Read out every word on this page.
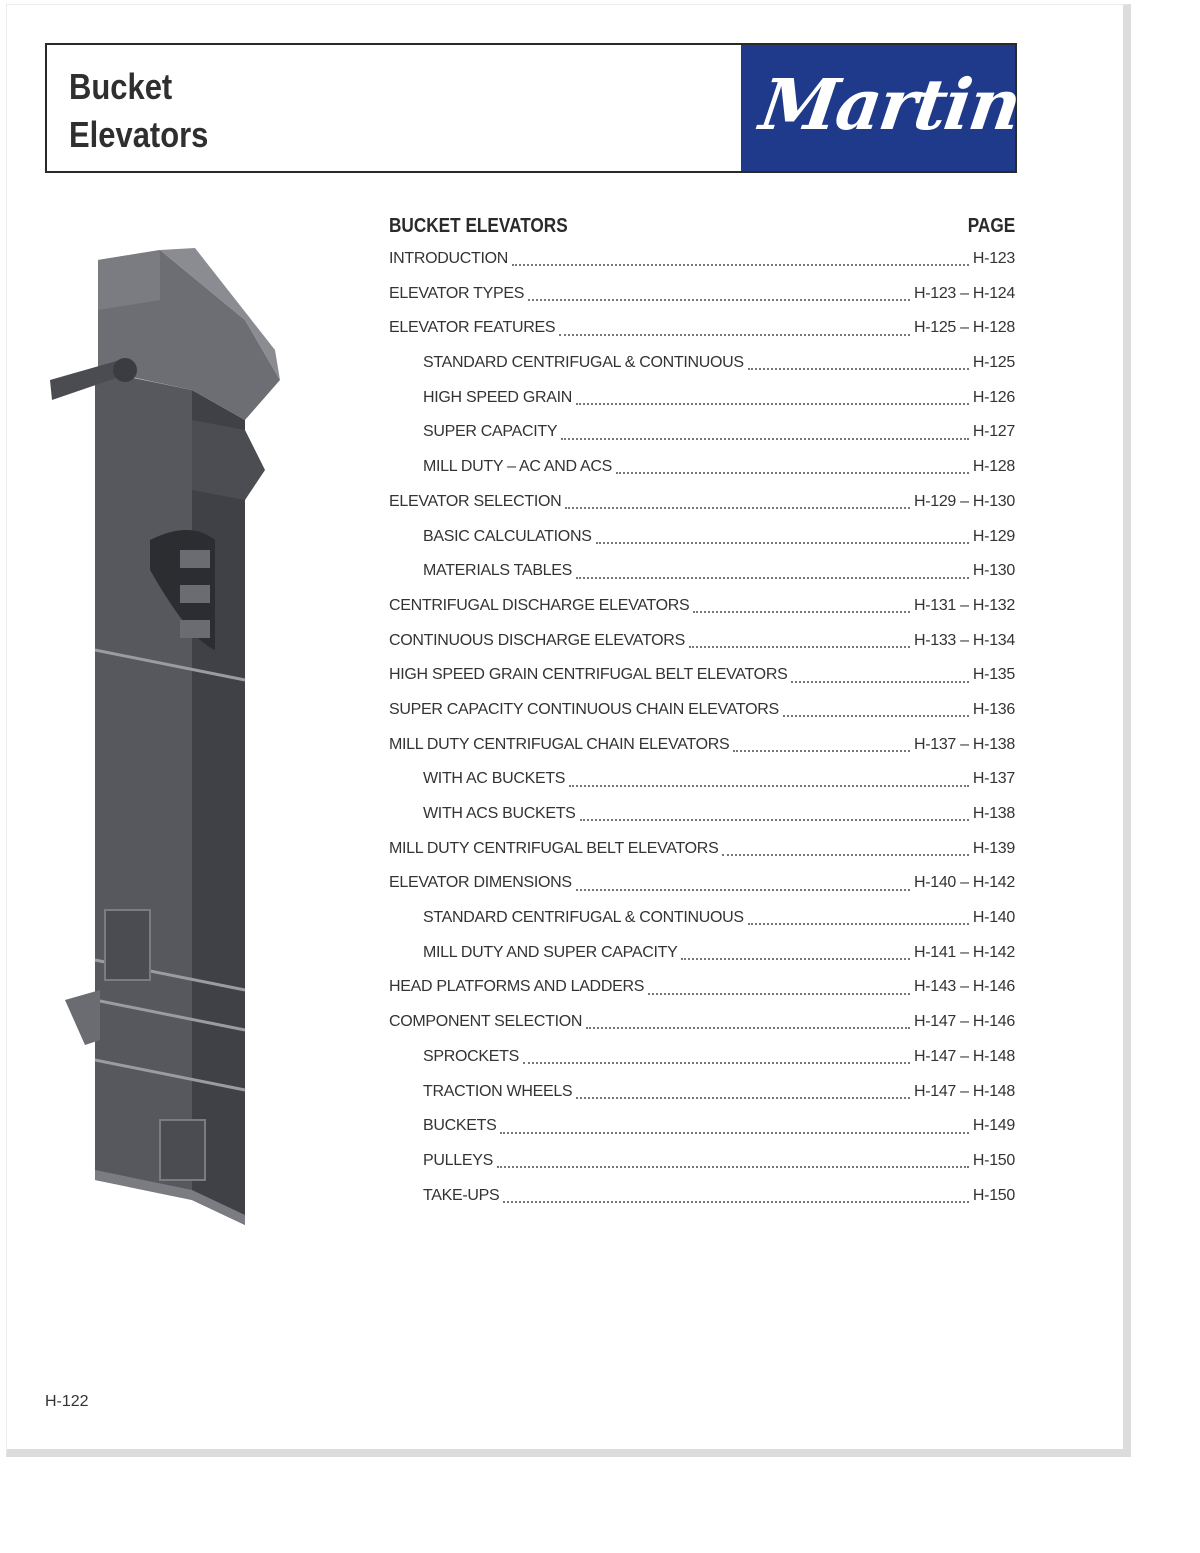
Bucket
Elevators	Martin
BUCKET ELEVATORS	PAGE
INTRODUCTION	H-123
ELEVATOR TYPES	H-123 – H-124
ELEVATOR FEATURES	H-125 – H-128
STANDARD CENTRIFUGAL & CONTINUOUS	H-125
HIGH SPEED GRAIN	H-126
SUPER CAPACITY	H-127
MILL DUTY – AC AND ACS	H-128
ELEVATOR SELECTION	H-129 – H-130
BASIC CALCULATIONS	H-129
MATERIALS TABLES	H-130
CENTRIFUGAL DISCHARGE ELEVATORS	H-131 – H-132
CONTINUOUS DISCHARGE ELEVATORS	H-133 – H-134
HIGH SPEED GRAIN CENTRIFUGAL BELT ELEVATORS	H-135
SUPER CAPACITY CONTINUOUS CHAIN ELEVATORS	H-136
MILL DUTY CENTRIFUGAL CHAIN ELEVATORS	H-137 – H-138
WITH AC BUCKETS	H-137
WITH ACS BUCKETS	H-138
MILL DUTY CENTRIFUGAL BELT ELEVATORS	H-139
ELEVATOR DIMENSIONS	H-140 – H-142
STANDARD CENTRIFUGAL & CONTINUOUS	H-140
MILL DUTY AND SUPER CAPACITY	H-141 – H-142
HEAD PLATFORMS AND LADDERS	H-143 – H-146
COMPONENT SELECTION	H-147 – H-146
SPROCKETS	H-147 – H-148
TRACTION WHEELS	H-147 – H-148
BUCKETS	H-149
PULLEYS	H-150
TAKE-UPS	H-150
H-122
